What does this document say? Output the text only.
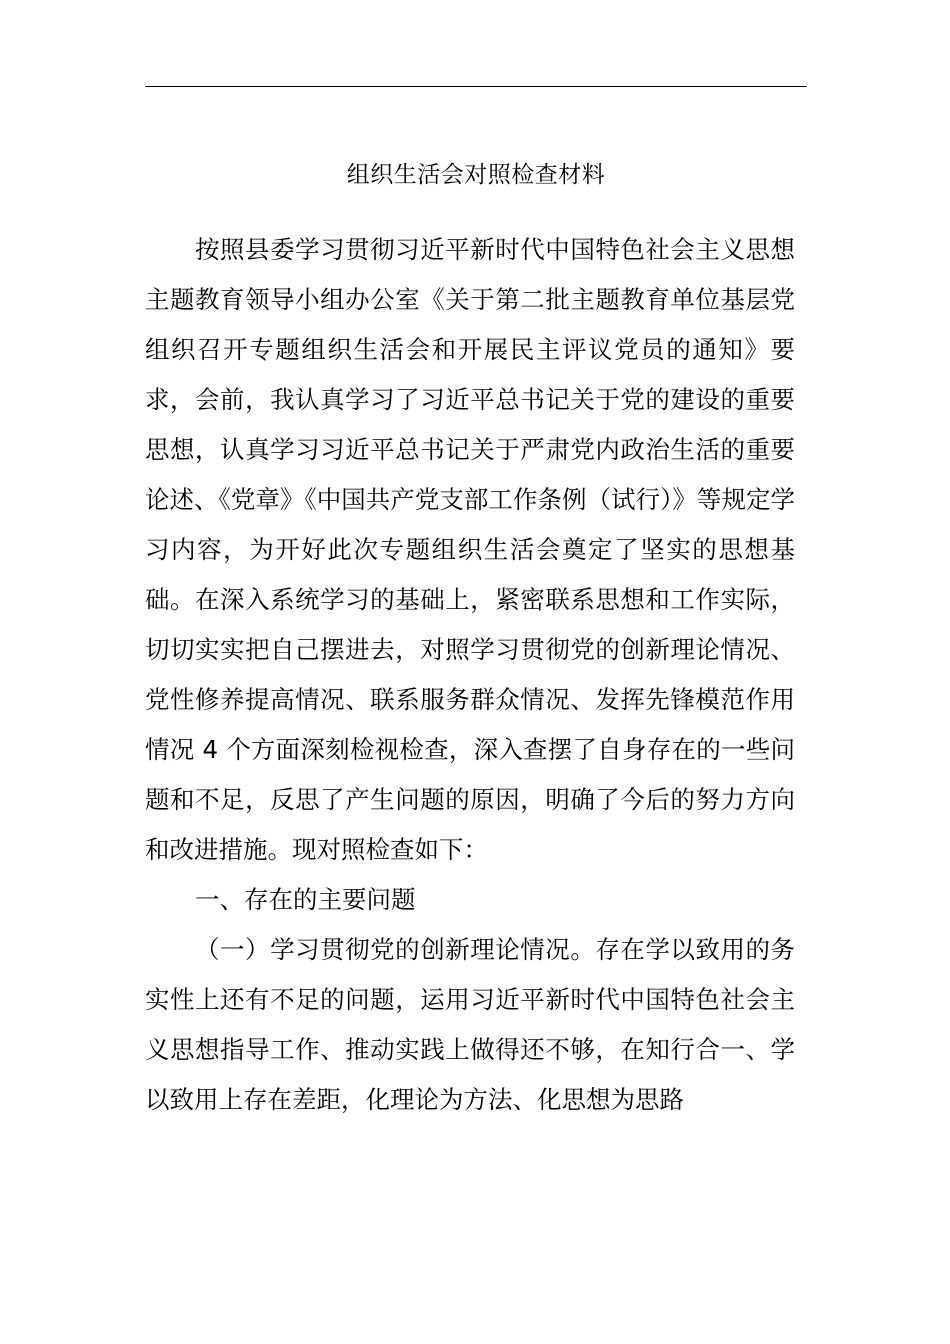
组织生活会对照检查材料

按照县委学习贯彻习近平新时代中国特色社会主义思想主题教育领导小组办公室《关于第二批主题教育单位基层党组织召开专题组织生活会和开展民主评议党员的通知》要求，会前，我认真学习了习近平总书记关于党的建设的重要思想，认真学习习近平总书记关于严肃党内政治生活的重要论述、《党章》《中国共产党支部工作条例（试行）》等规定学习内容，为开好此次专题组织生活会奠定了坚实的思想基础。在深入系统学习的基础上，紧密联系思想和工作实际，切切实实把自己摆进去，对照学习贯彻党的创新理论情况、党性修养提高情况、联系服务群众情况、发挥先锋模范作用情况 4 个方面深刻检视检查，深入查摆了自身存在的一些问题和不足，反思了产生问题的原因，明确了今后的努力方向和改进措施。现对照检查如下：

一、存在的主要问题

（一）学习贯彻党的创新理论情况。存在学以致用的务实性上还有不足的问题，运用习近平新时代中国特色社会主义思想指导工作、推动实践上做得还不够，在知行合一、学以致用上存在差距，化理论为方法、化思想为思路
